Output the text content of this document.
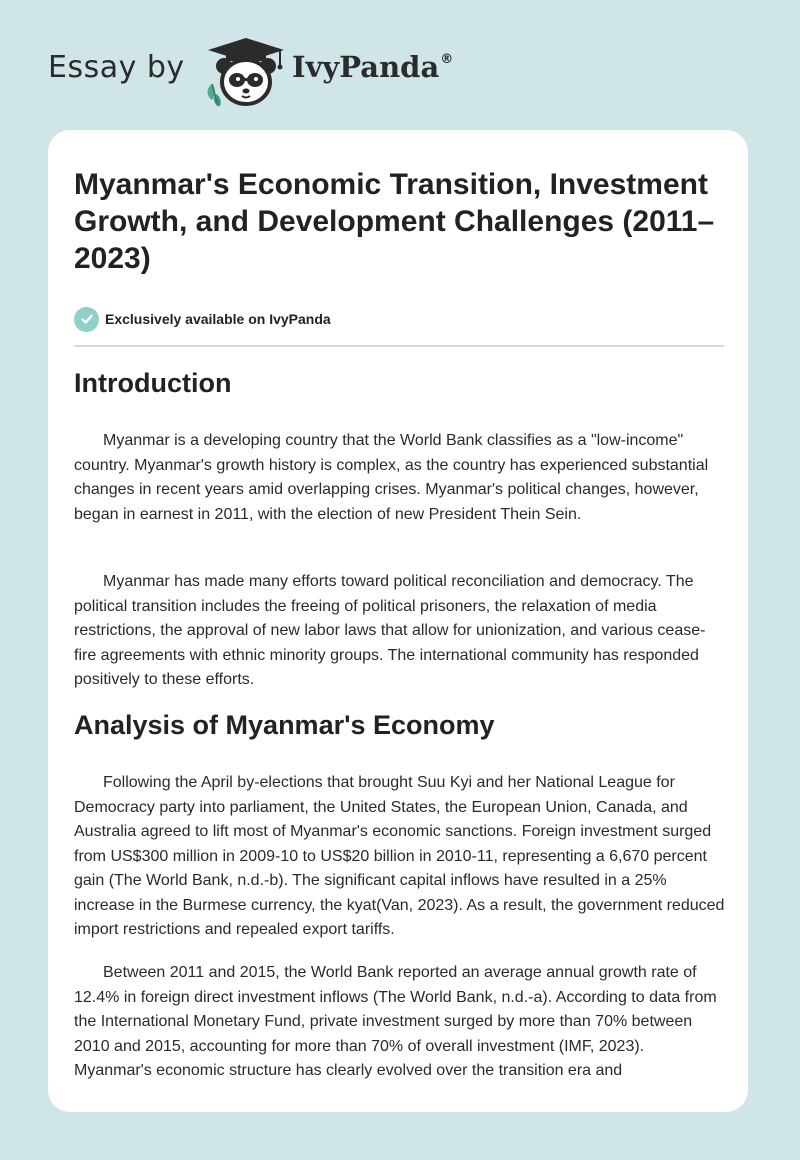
Essay by	IvyPanda®
Myanmar's Economic Transition, Investment Growth, and Development Challenges (2011–2023)
Exclusively available on IvyPanda
Introduction

Myanmar is a developing country that the World Bank classifies as a "low-income" country. Myanmar's growth history is complex, as the country has experienced substantial changes in recent years amid overlapping crises. Myanmar's political changes, however, began in earnest in 2011, with the election of new President Thein Sein.

Myanmar has made many efforts toward political reconciliation and democracy. The political transition includes the freeing of political prisoners, the relaxation of media restrictions, the approval of new labor laws that allow for unionization, and various cease-fire agreements with ethnic minority groups. The international community has responded positively to these efforts.

Analysis of Myanmar's Economy

Following the April by-elections that brought Suu Kyi and her National League for Democracy party into parliament, the United States, the European Union, Canada, and Australia agreed to lift most of Myanmar's economic sanctions. Foreign investment surged from US$300 million in 2009-10 to US$20 billion in 2010-11, representing a 6,670 percent gain (The World Bank, n.d.-b). The significant capital inflows have resulted in a 25% increase in the Burmese currency, the kyat(Van, 2023). As a result, the government reduced import restrictions and repealed export tariffs.

Between 2011 and 2015, the World Bank reported an average annual growth rate of 12.4% in foreign direct investment inflows (The World Bank, n.d.-a). According to data from the International Monetary Fund, private investment surged by more than 70% between 2010 and 2015, accounting for more than 70% of overall investment (IMF, 2023). Myanmar's economic structure has clearly evolved over the transition era and
